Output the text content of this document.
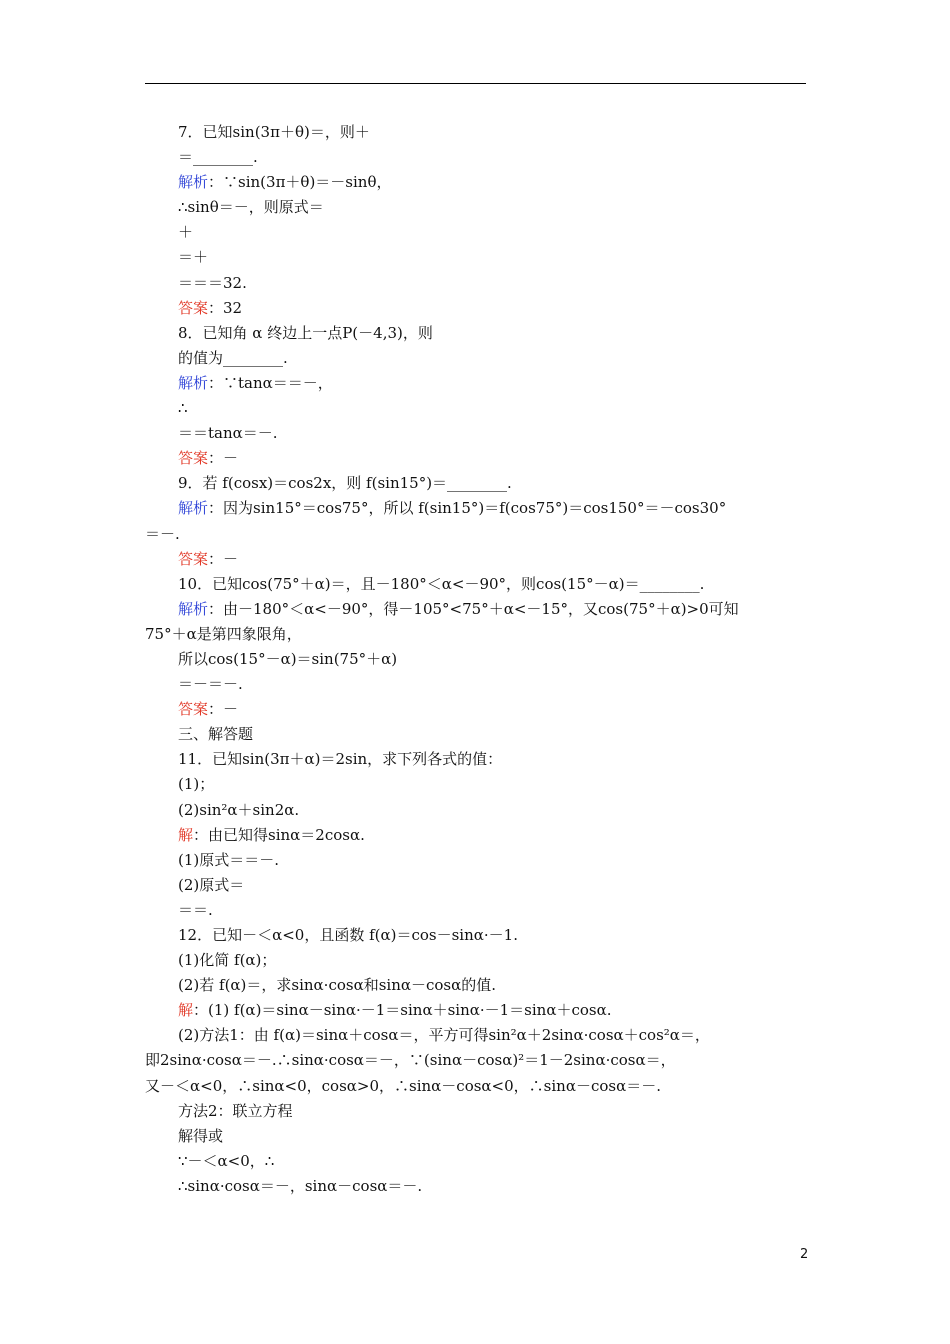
7．已知sin(3π＋θ)＝，则＋
＝________.
解析：∵sin(3π＋θ)＝－sinθ，
∴sinθ＝－，则原式＝
＋
＝＋
＝＝＝32.
答案：32
8．已知角 α 终边上一点P(－4,3)，则
的值为________.
解析：∵tanα＝＝－，
∴
＝＝tanα＝－.
答案：－
9．若 f(cosx)＝cos2x，则 f(sin15°)＝________.
解析：因为sin15°＝cos75°，所以 f(sin15°)＝f(cos75°)＝cos150°＝－cos30°
＝－.
答案：－
10．已知cos(75°＋α)＝，且－180°＜α<－90°，则cos(15°－α)＝________.
解析：由－180°＜α<－90°，得－105°<75°＋α<－15°，又cos(75°＋α)>0可知
75°＋α是第四象限角，
所以cos(15°－α)＝sin(75°＋α)
＝－＝－.
答案：－
三、解答题
11．已知sin(3π＋α)＝2sin，求下列各式的值：
(1)；
(2)sin²α＋sin2α.
解：由已知得sinα＝2cosα.
(1)原式＝＝－.
(2)原式＝
＝＝.
12．已知－＜α<0，且函数 f(α)＝cos－sinα·－1.
(1)化简 f(α)；
(2)若 f(α)＝，求sinα·cosα和sinα－cosα的值.
解：(1) f(α)＝sinα－sinα·－1＝sinα＋sinα·－1＝sinα＋cosα.
(2)方法1：由 f(α)＝sinα＋cosα＝，平方可得sin²α＋2sinα·cosα＋cos²α＝，
即2sinα·cosα＝－.∴sinα·cosα＝－，∵(sinα－cosα)²＝1－2sinα·cosα＝，
又－＜α<0，∴sinα<0，cosα>0，∴sinα－cosα<0，∴sinα－cosα＝－.
方法2：联立方程
解得或
∵－＜α<0，∴
∴sinα·cosα＝－，sinα－cosα＝－.
2
